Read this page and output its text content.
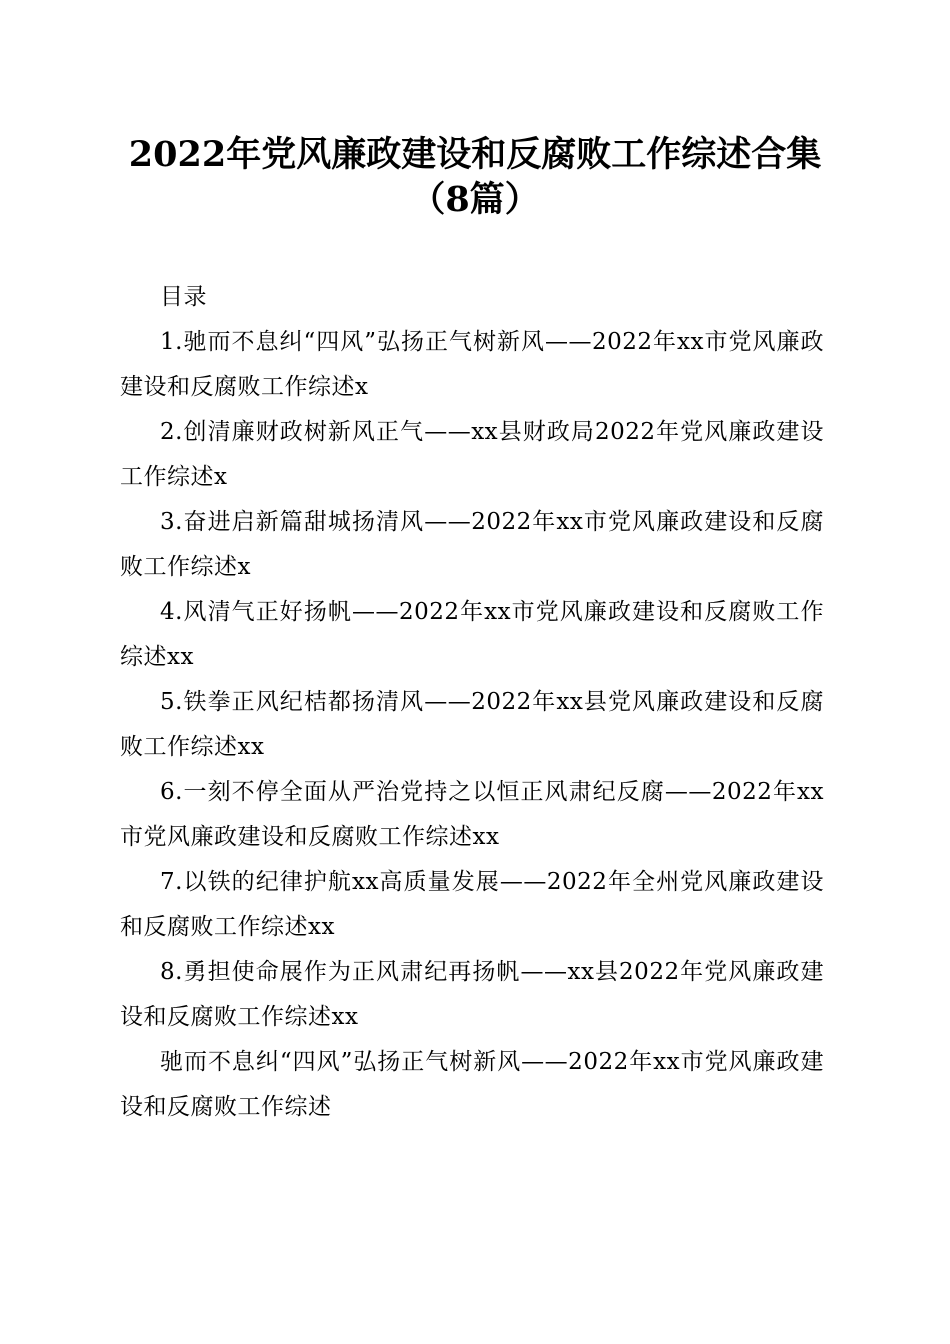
2022年党风廉政建设和反腐败工作综述合集
（8篇）

目录

1.驰而不息纠“四风”弘扬正气树新风——2022年xx市党风廉政建设和反腐败工作综述x

2.创清廉财政树新风正气——xx县财政局2022年党风廉政建设工作综述x

3.奋进启新篇甜城扬清风——2022年xx市党风廉政建设和反腐败工作综述x

4.风清气正好扬帆——2022年xx市党风廉政建设和反腐败工作综述xx

5.铁拳正风纪桔都扬清风——2022年xx县党风廉政建设和反腐败工作综述xx

6.一刻不停全面从严治党持之以恒正风肃纪反腐——2022年xx市党风廉政建设和反腐败工作综述xx

7.以铁的纪律护航xx高质量发展——2022年全州党风廉政建设和反腐败工作综述xx

8.勇担使命展作为正风肃纪再扬帆——xx县2022年党风廉政建设和反腐败工作综述xx

驰而不息纠“四风”弘扬正气树新风——2022年xx市党风廉政建设和反腐败工作综述
